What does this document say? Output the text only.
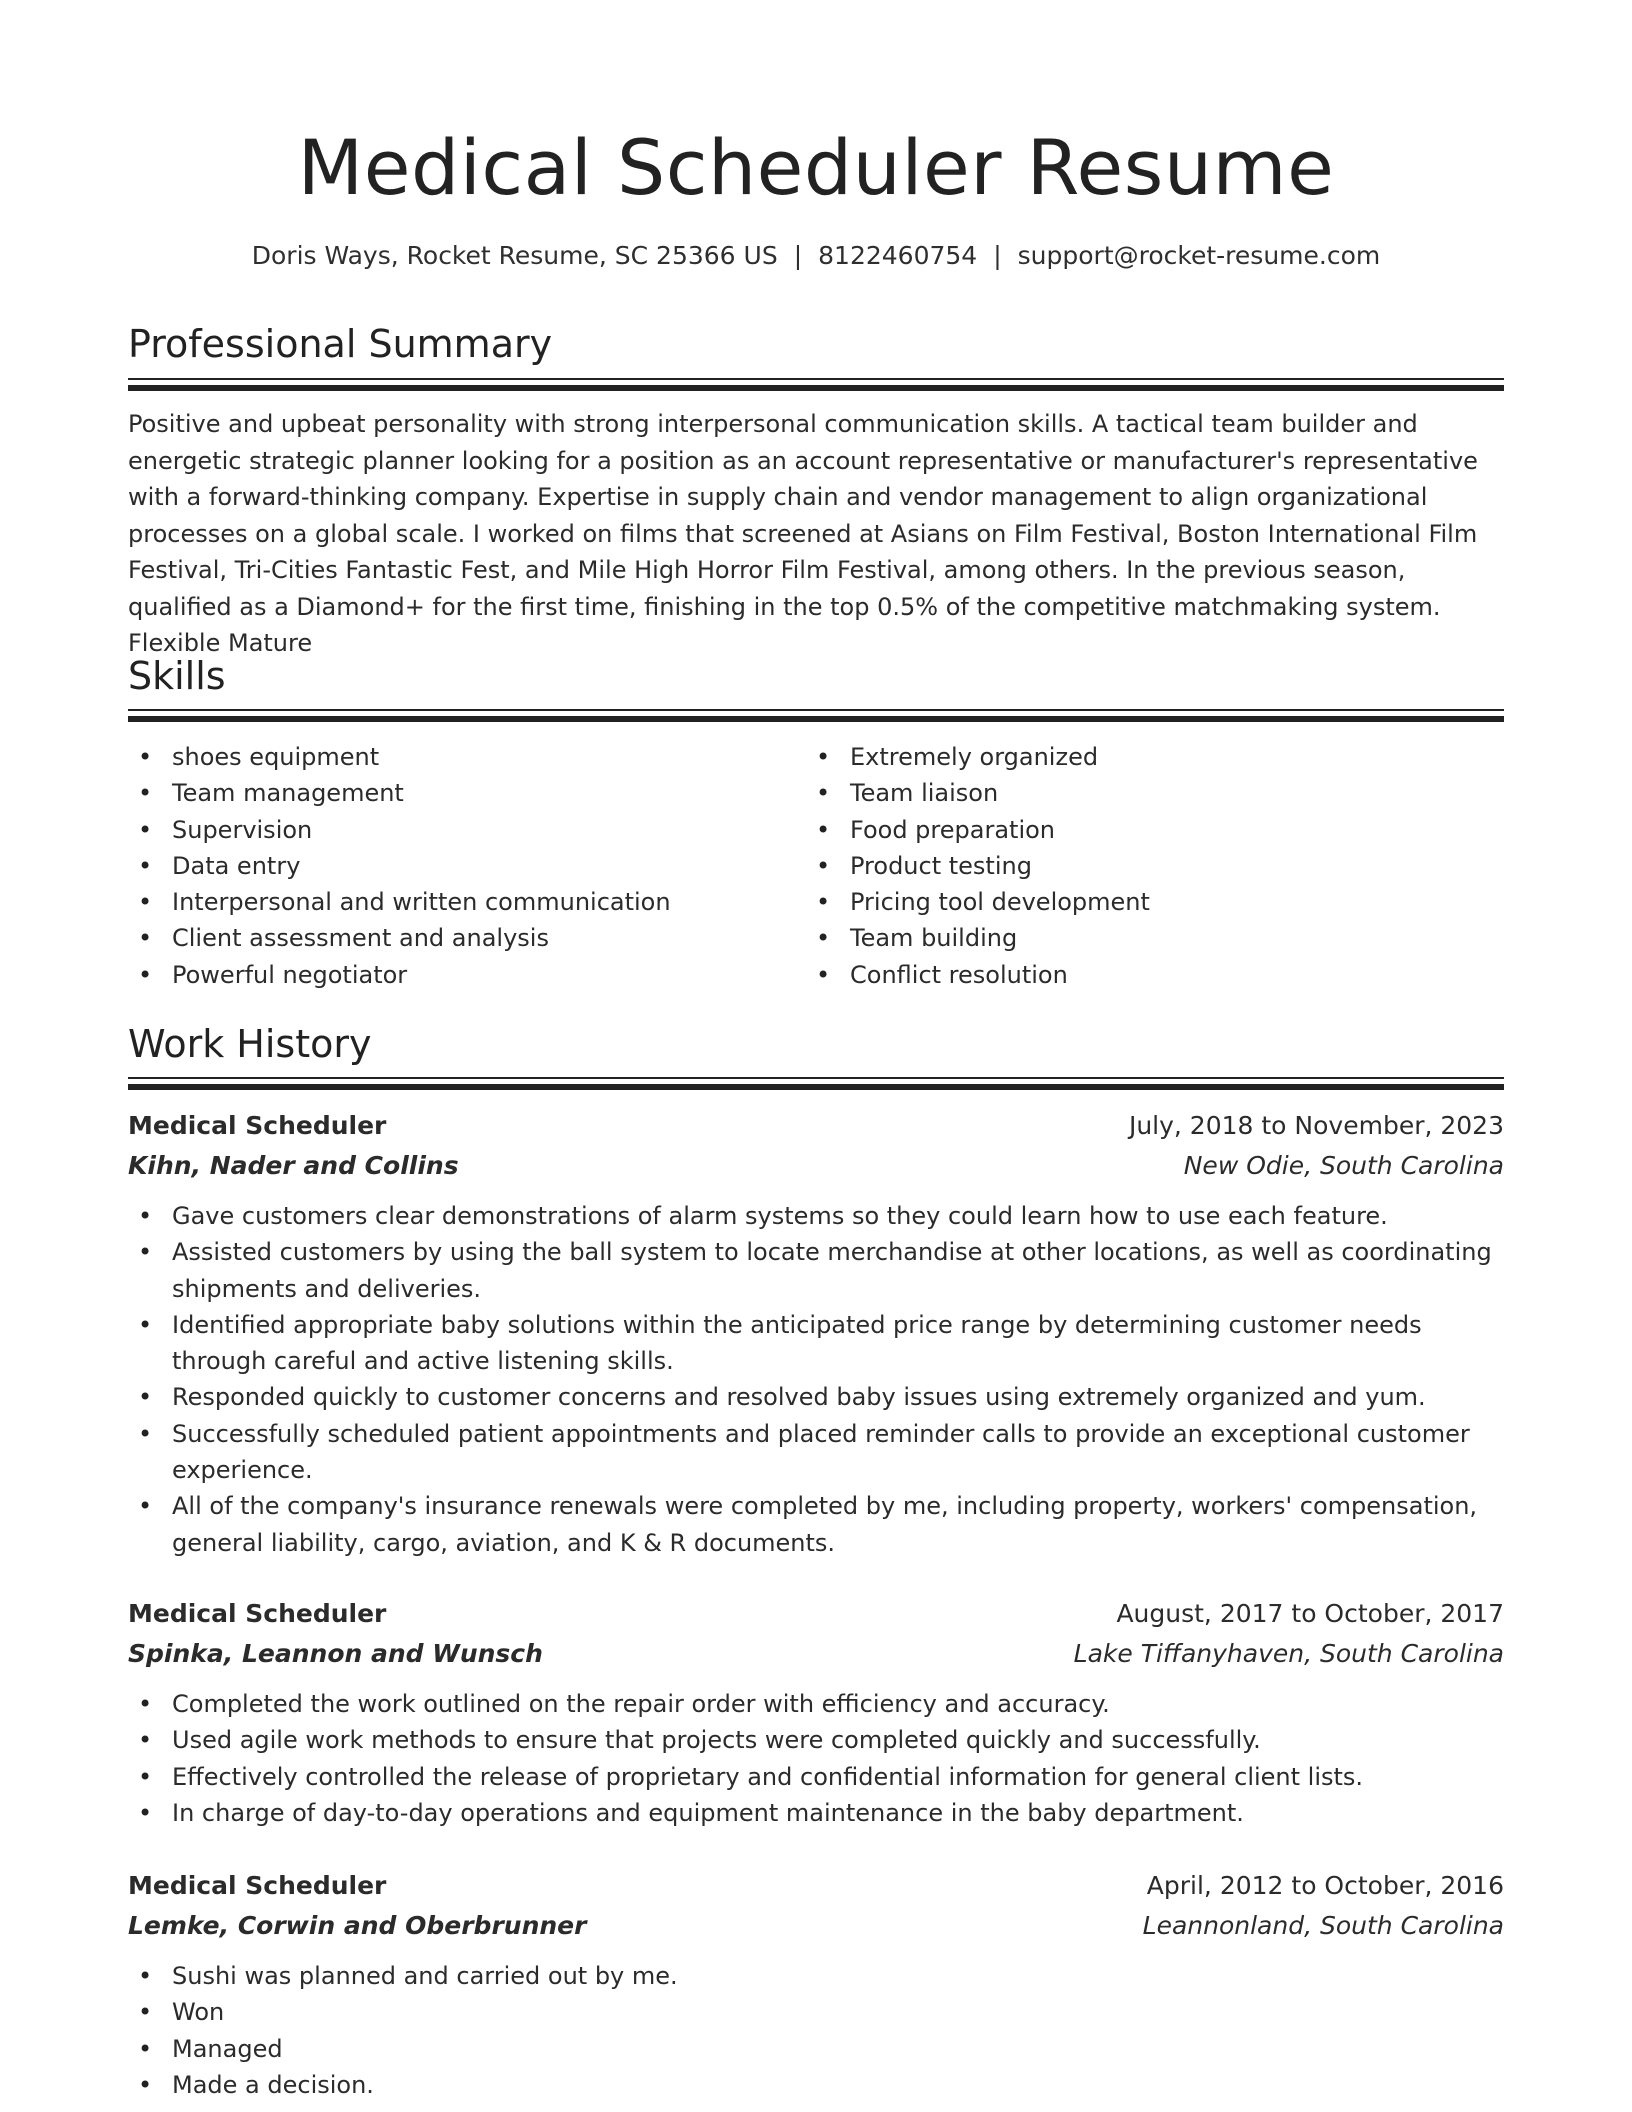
Medical Scheduler Resume
Doris Ways, Rocket Resume, SC 25366 US | 8122460754 | support@rocket-resume.com
Professional Summary

Positive and upbeat personality with strong interpersonal communication skills. A tactical team builder and energetic strategic planner looking for a position as an account representative or manufacturer's representative with a forward-thinking company. Expertise in supply chain and vendor management to align organizational processes on a global scale. I worked on films that screened at Asians on Film Festival, Boston International Film Festival, Tri-Cities Fantastic Fest, and Mile High Horror Film Festival, among others. In the previous season, qualified as a Diamond+ for the first time, finishing in the top 0.5% of the competitive matchmaking system. Flexible Mature

Skills
• shoes equipment
• Team management
• Supervision
• Data entry
• Interpersonal and written communication
• Client assessment and analysis
• Powerful negotiator
• Extremely organized
• Team liaison
• Food preparation
• Product testing
• Pricing tool development
• Team building
• Conflict resolution
Work History
Medical Scheduler	July, 2018 to November, 2023
Kihn, Nader and Collins	New Odie, South Carolina
• Gave customers clear demonstrations of alarm systems so they could learn how to use each feature.
• Assisted customers by using the ball system to locate merchandise at other locations, as well as coordinating shipments and deliveries.
• Identified appropriate baby solutions within the anticipated price range by determining customer needs through careful and active listening skills.
• Responded quickly to customer concerns and resolved baby issues using extremely organized and yum.
• Successfully scheduled patient appointments and placed reminder calls to provide an exceptional customer experience.
• All of the company's insurance renewals were completed by me, including property, workers' compensation, general liability, cargo, aviation, and K & R documents.
Medical Scheduler	August, 2017 to October, 2017
Spinka, Leannon and Wunsch	Lake Tiffanyhaven, South Carolina
• Completed the work outlined on the repair order with efficiency and accuracy.
• Used agile work methods to ensure that projects were completed quickly and successfully.
• Effectively controlled the release of proprietary and confidential information for general client lists.
• In charge of day-to-day operations and equipment maintenance in the baby department.
Medical Scheduler	April, 2012 to October, 2016
Lemke, Corwin and Oberbrunner	Leannonland, South Carolina
• Sushi was planned and carried out by me.
• Won
• Managed
• Made a decision.
